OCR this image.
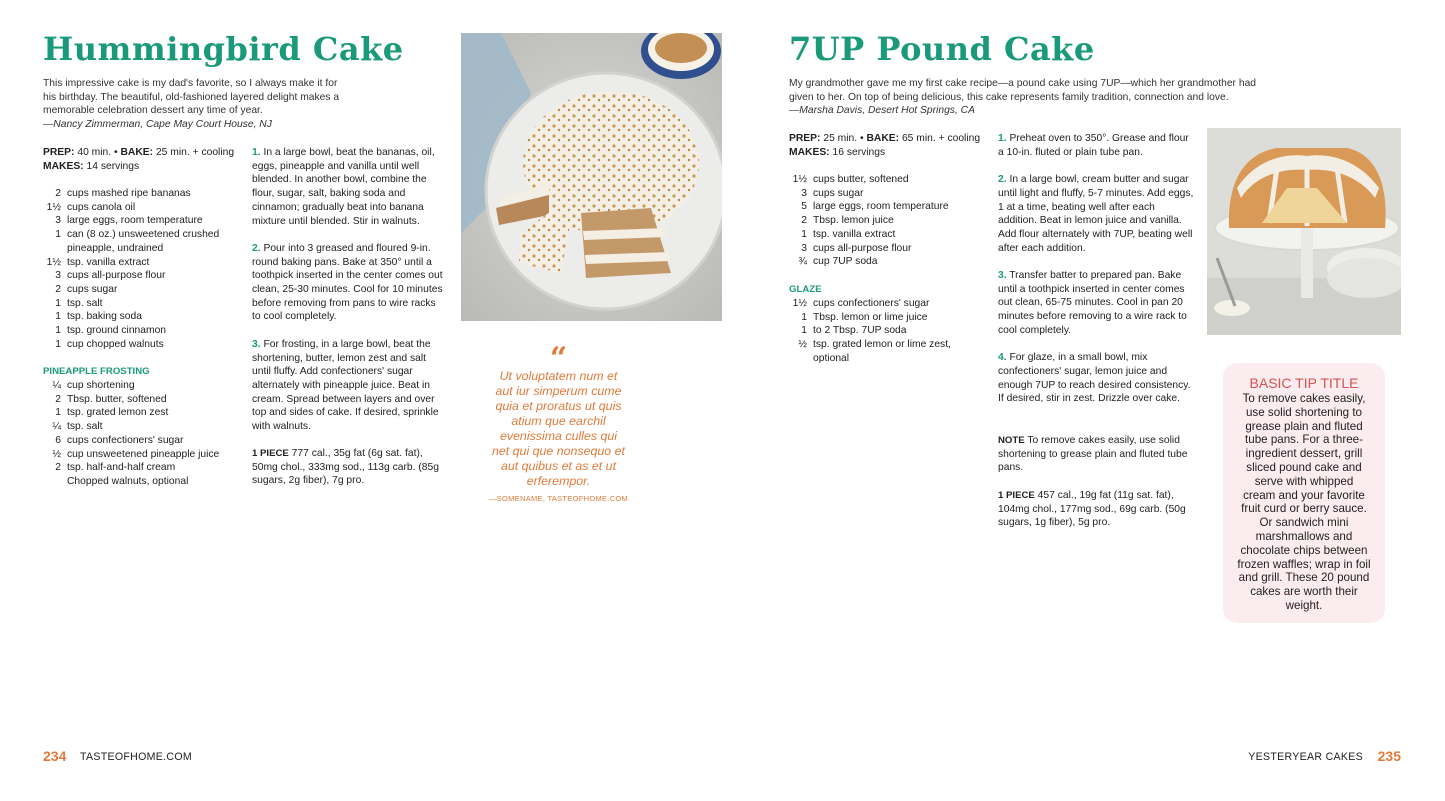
Hummingbird Cake

This impressive cake is my dad's favorite, so I always make it for his birthday. The beautiful, old-fashioned layered delight makes a memorable celebration dessert any time of year.
—Nancy Zimmerman, Cape May Court House, NJ

PREP: 40 min. • BAKE: 25 min. + cooling
MAKES: 14 servings

2 cups mashed ripe bananas
1½ cups canola oil
3 large eggs, room temperature
1 can (8 oz.) unsweetened crushed pineapple, undrained
1½ tsp. vanilla extract
3 cups all-purpose flour
2 cups sugar
1 tsp. salt
1 tsp. baking soda
1 tsp. ground cinnamon
1 cup chopped walnuts

PINEAPPLE FROSTING

¼ cup shortening
2 Tbsp. butter, softened
1 tsp. grated lemon zest
¼ tsp. salt
6 cups confectioners' sugar
½ cup unsweetened pineapple juice
2 tsp. half-and-half cream
Chopped walnuts, optional

1. In a large bowl, beat the bananas, oil, eggs, pineapple and vanilla until well blended. In another bowl, combine the flour, sugar, salt, baking soda and cinnamon; gradually beat into banana mixture until blended. Stir in walnuts.

2. Pour into 3 greased and floured 9-in. round baking pans. Bake at 350° until a toothpick inserted in the center comes out clean, 25-30 minutes. Cool for 10 minutes before removing from pans to wire racks to cool completely.

3. For frosting, in a large bowl, beat the shortening, butter, lemon zest and salt until fluffy. Add confectioners' sugar alternately with pineapple juice. Beat in cream. Spread between layers and over top and sides of cake. If desired, sprinkle with walnuts.

1 PIECE 777 cal., 35g fat (6g sat. fat), 50mg chol., 333mg sod., 113g carb. (85g sugars, 2g fiber), 7g pro.

“
Ut voluptatem num et aut iur simperum cume quia et proratus ut quis atium que earchil evenissima culles qui net qui que nonsequo et aut quibus et as et ut erferempor.
—SOMENAME, TASTEOFHOME.COM
234 TASTEOFHOME.COM
7UP Pound Cake

My grandmother gave me my first cake recipe—a pound cake using 7UP—which her grandmother had given to her. On top of being delicious, this cake represents family tradition, connection and love.
—Marsha Davis, Desert Hot Springs, CA

PREP: 25 min. • BAKE: 65 min. + cooling
MAKES: 16 servings

1½ cups butter, softened
3 cups sugar
5 large eggs, room temperature
2 Tbsp. lemon juice
1 tsp. vanilla extract
3 cups all-purpose flour
¾ cup 7UP soda

GLAZE

1½ cups confectioners' sugar
1 Tbsp. lemon or lime juice
1 to 2 Tbsp. 7UP soda
½ tsp. grated lemon or lime zest, optional

1. Preheat oven to 350°. Grease and flour a 10-in. fluted or plain tube pan.

2. In a large bowl, cream butter and sugar until light and fluffy, 5-7 minutes. Add eggs, 1 at a time, beating well after each addition. Beat in lemon juice and vanilla. Add flour alternately with 7UP, beating well after each addition.

3. Transfer batter to prepared pan. Bake until a toothpick inserted in center comes out clean, 65-75 minutes. Cool in pan 20 minutes before removing to a wire rack to cool completely.

4. For glaze, in a small bowl, mix confectioners' sugar, lemon juice and enough 7UP to reach desired consistency. If desired, stir in zest. Drizzle over cake.

NOTE To remove cakes easily, use solid shortening to grease plain and fluted tube pans.

1 PIECE 457 cal., 19g fat (11g sat. fat), 104mg chol., 177mg sod., 69g carb. (50g sugars, 1g fiber), 5g pro.

BASIC TIP TITLE

To remove cakes easily, use solid shortening to grease plain and fluted tube pans. For a three-ingredient dessert, grill sliced pound cake and serve with whipped cream and your favorite fruit curd or berry sauce. Or sandwich mini marshmallows and chocolate chips between frozen waffles; wrap in foil and grill. These 20 pound cakes are worth their weight.

YESTERYEAR CAKES 235
